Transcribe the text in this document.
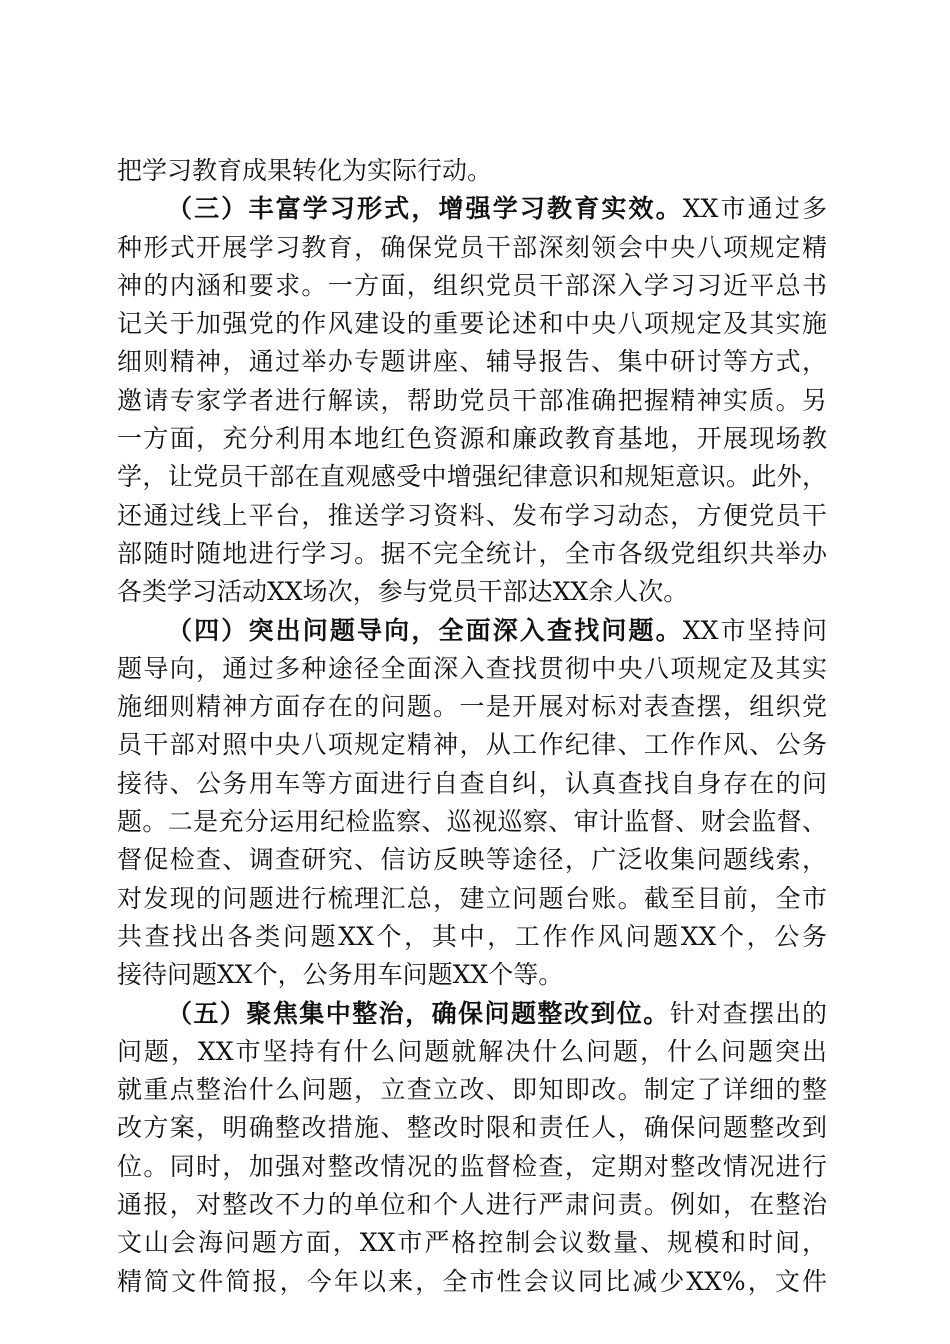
把学习教育成果转化为实际行动。
（三）丰富学习形式，增强学习教育实效。XX市通过多
种形式开展学习教育，确保党员干部深刻领会中央八项规定精
神的内涵和要求。一方面，组织党员干部深入学习习近平总书
记关于加强党的作风建设的重要论述和中央八项规定及其实施
细则精神，通过举办专题讲座、辅导报告、集中研讨等方式，
邀请专家学者进行解读，帮助党员干部准确把握精神实质。另
一方面，充分利用本地红色资源和廉政教育基地，开展现场教
学，让党员干部在直观感受中增强纪律意识和规矩意识。此外，
还通过线上平台，推送学习资料、发布学习动态，方便党员干
部随时随地进行学习。据不完全统计，全市各级党组织共举办
各类学习活动XX场次，参与党员干部达XX余人次。
（四）突出问题导向，全面深入查找问题。XX市坚持问
题导向，通过多种途径全面深入查找贯彻中央八项规定及其实
施细则精神方面存在的问题。一是开展对标对表查摆，组织党
员干部对照中央八项规定精神，从工作纪律、工作作风、公务
接待、公务用车等方面进行自查自纠，认真查找自身存在的问
题。二是充分运用纪检监察、巡视巡察、审计监督、财会监督、
督促检查、调查研究、信访反映等途径，广泛收集问题线索，
对发现的问题进行梳理汇总，建立问题台账。截至目前，全市
共查找出各类问题XX个，其中，工作作风问题XX个，公务
接待问题XX个，公务用车问题XX个等。
（五）聚焦集中整治，确保问题整改到位。针对查摆出的
问题，XX市坚持有什么问题就解决什么问题，什么问题突出
就重点整治什么问题，立查立改、即知即改。制定了详细的整
改方案，明确整改措施、整改时限和责任人，确保问题整改到
位。同时，加强对整改情况的监督检查，定期对整改情况进行
通报，对整改不力的单位和个人进行严肃问责。例如，在整治
文山会海问题方面，XX市严格控制会议数量、规模和时间，
精简文件简报，今年以来，全市性会议同比减少XX%，文件
